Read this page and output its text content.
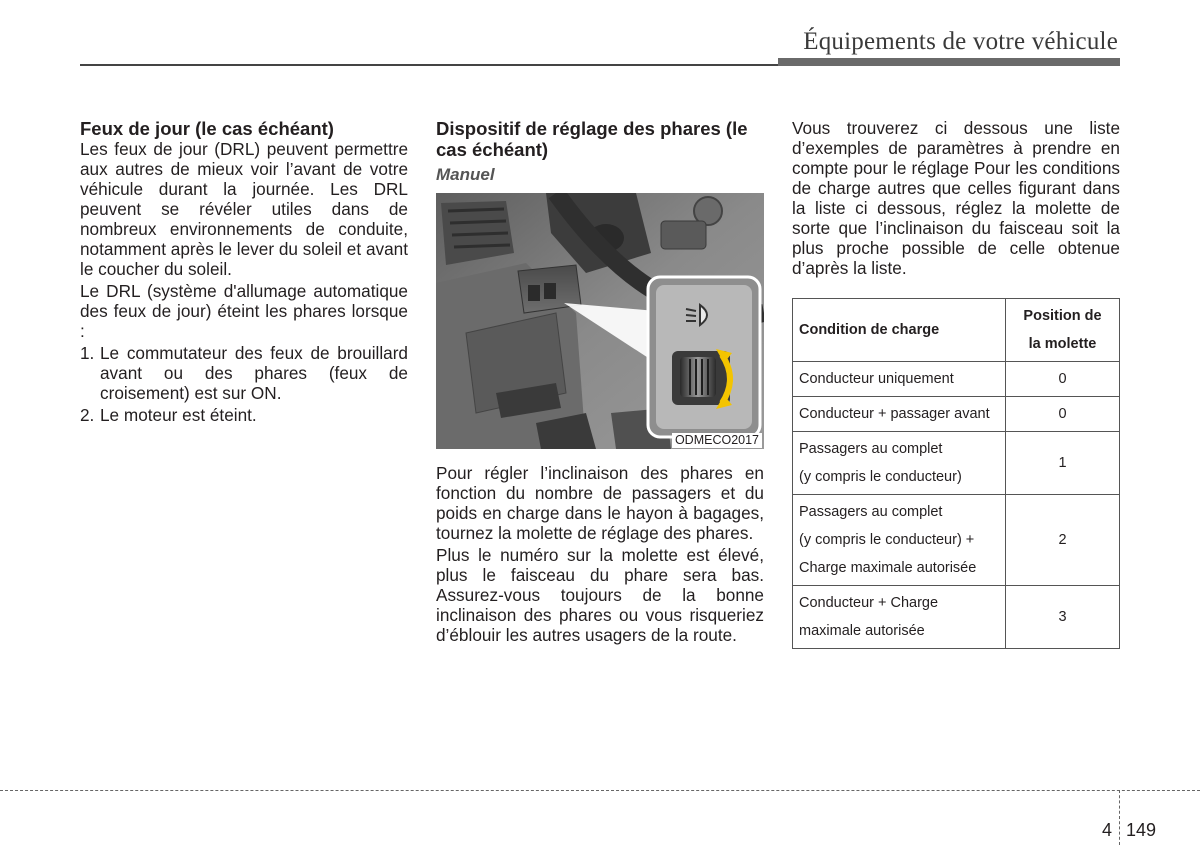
Équipements de votre véhicule
Feux de jour (le cas échéant)

Les feux de jour (DRL) peuvent permettre aux autres de mieux voir l’avant de votre véhicule durant la journée. Les DRL peuvent se révéler utiles dans de nombreux environnements de conduite, notamment après le lever du soleil et avant le coucher du soleil.

Le DRL (système d'allumage automatique des feux de jour) éteint les phares lorsque :

1. Le commutateur des feux de brouillard avant ou des phares (feux de croisement) est sur ON.
2. Le moteur est éteint.
Dispositif de réglage des phares (le cas échéant)
Manuel
ODMECO2017

Pour régler l’inclinaison des phares en fonction du nombre de passagers et du poids en charge dans le hayon à bagages, tournez la molette de réglage des phares.

Plus le numéro sur la molette est élevé, plus le faisceau du phare sera bas. Assurez-vous toujours de la bonne inclinaison des phares ou vous risqueriez d’éblouir les autres usagers de la route.

Vous trouverez ci dessous une liste d’exemples de paramètres à prendre en compte pour le réglage Pour les conditions de charge autres que celles figurant dans la liste ci dessous, réglez la molette de sorte que l’inclinaison du faisceau soit la plus proche possible de celle obtenue d’après la liste.

Condition de charge	Position de
la molette

Conducteur uniquement	0

Conducteur + passager avant	0

Passagers au complet
(y compris le conducteur)	1

Passagers au complet
(y compris le conducteur) +
Charge maximale autorisée	2

Conducteur + Charge
maximale autorisée	3
4 149
